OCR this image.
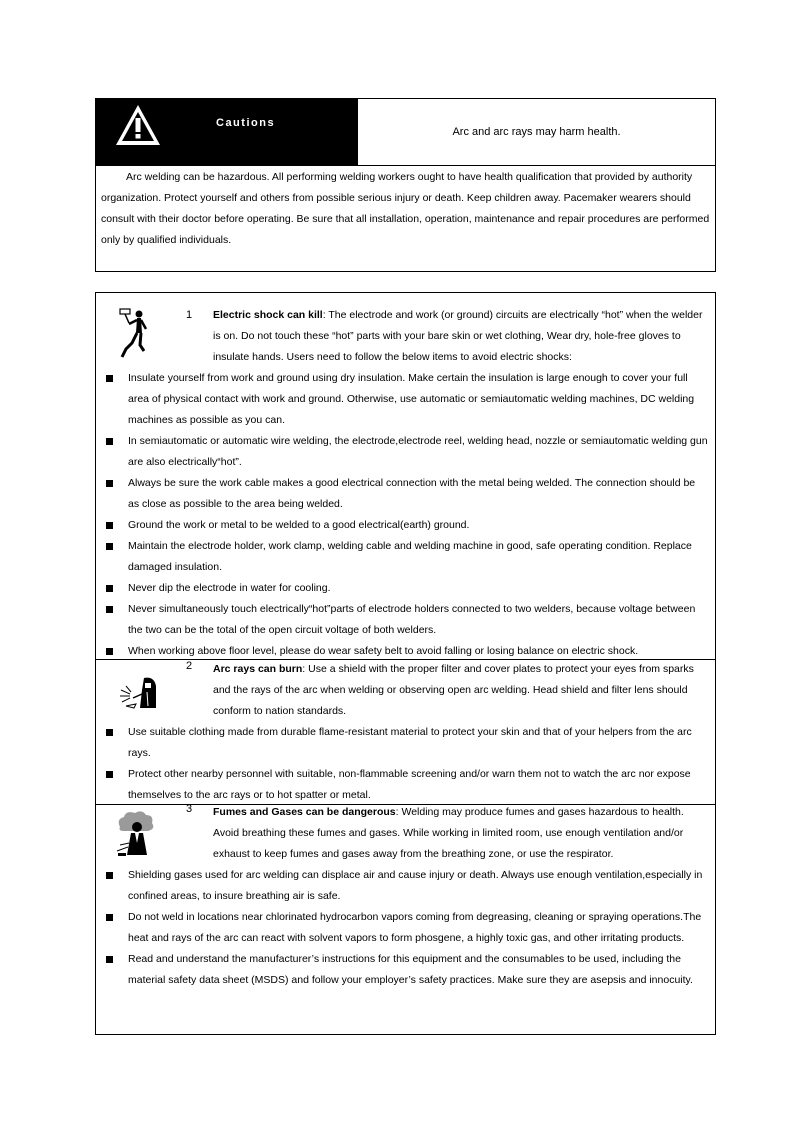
Cautions
Arc and arc rays may harm health.
Arc welding can be hazardous. All performing welding workers ought to have health qualification that provided by authority organization. Protect yourself and others from possible serious injury or death. Keep children away. Pacemaker wearers should consult with their doctor before operating. Be sure that all installation, operation, maintenance and repair procedures are performed only by qualified individuals.
1 Electric shock can kill: The electrode and work (or ground) circuits are electrically “hot” when the welder is on. Do not touch these “hot” parts with your bare skin or wet clothing, Wear dry, hole-free gloves to insulate hands. Users need to follow the below items to avoid electric shocks:
Insulate yourself from work and ground using dry insulation. Make certain the insulation is large enough to cover your full area of physical contact with work and ground. Otherwise, use automatic or semiautomatic welding machines, DC welding machines as possible as you can.
In semiautomatic or automatic wire welding, the electrode,electrode reel, welding head, nozzle or semiautomatic welding gun are also electrically“hot”.
Always be sure the work cable makes a good electrical connection with the metal being welded. The connection should be as close as possible to the area being welded.
Ground the work or metal to be welded to a good electrical(earth) ground.
Maintain the electrode holder, work clamp, welding cable and welding machine in good, safe operating condition. Replace damaged insulation.
Never dip the electrode in water for cooling.
Never simultaneously touch electrically“hot”parts of electrode holders connected to two welders, because voltage between the two can be the total of the open circuit voltage of both welders.
When working above floor level, please do wear safety belt to avoid falling or losing balance on electric shock.
2 Arc rays can burn: Use a shield with the proper filter and cover plates to protect your eyes from sparks and the rays of the arc when welding or observing open arc welding. Head shield and filter lens should conform to nation standards.
Use suitable clothing made from durable flame-resistant material to protect your skin and that of your helpers from the arc rays.
Protect other nearby personnel with suitable, non-flammable screening and/or warn them not to watch the arc nor expose themselves to the arc rays or to hot spatter or metal.
3 Fumes and Gases can be dangerous: Welding may produce fumes and gases hazardous to health. Avoid breathing these fumes and gases. While working in limited room, use enough ventilation and/or exhaust to keep fumes and gases away from the breathing zone, or use the respirator.
Shielding gases used for arc welding can displace air and cause injury or death. Always use enough ventilation,especially in confined areas, to insure breathing air is safe.
Do not weld in locations near chlorinated hydrocarbon vapors coming from degreasing, cleaning or spraying operations.The heat and rays of the arc can react with solvent vapors to form phosgene, a highly toxic gas, and other irritating products.
Read and understand the manufacturer’s instructions for this equipment and the consumables to be used, including the material safety data sheet (MSDS) and follow your employer’s safety practices. Make sure they are asepsis and innocuity.
